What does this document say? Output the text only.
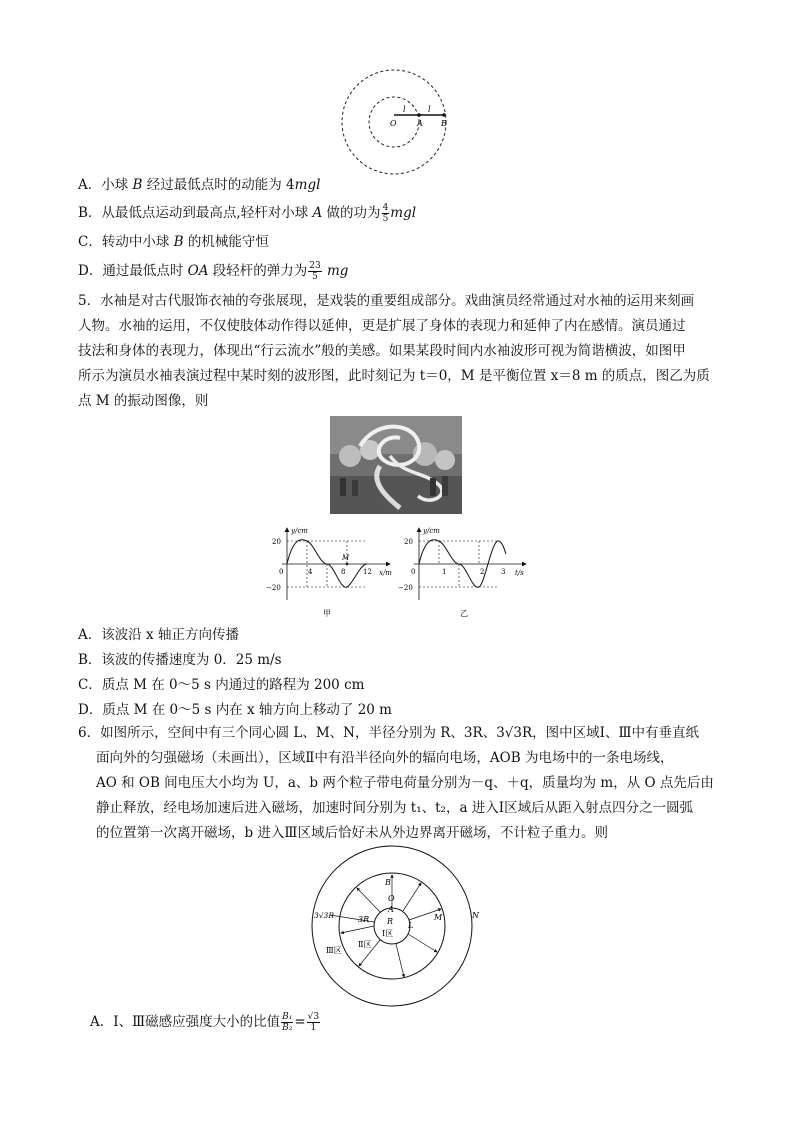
O	A B
l	l
A．小球 B 经过最低点时的动能为 4mgl
B．从最低点运动到最高点,轻杆对小球 A 做的功为 $\frac{4}{5}$ mgl
C．转动中小球 B 的机械能守恒
D．通过最低点时 OA 段轻杆的弹力为 $\frac{23}{5}$ mg
5．水袖是对古代服饰衣袖的夸张展现，是戏装的重要组成部分。戏曲演员经常通过对水袖的运用来刻画
人物。水袖的运用，不仅使肢体动作得以延伸，更是扩展了身体的表现力和延伸了内在感情。演员通过
技法和身体的表现力，体现出“行云流水”般的美感。如果某段时间内水袖波形可视为简谐横波，如图甲
所示为演员水袖表演过程中某时刻的波形图，此时刻记为 t＝0，M 是平衡位置 x＝8 m 的质点，图乙为质
点 M 的振动图像，则
y/cm
x/m
20
−20
0	4	8	12
M
甲
y/cm
t/s
20
−20
0	1	2 3
乙
A．该波沿 x 轴正方向传播
B．该波的传播速度为 0．25 m/s
C．质点 M 在 0～5 s 内通过的路程为 200 cm
D．质点 M 在 0～5 s 内在 x 轴方向上移动了 20 m
6．如图所示，空间中有三个同心圆 L、M、N，半径分别为 R、3R、3√3R，图中区域Ⅰ、Ⅲ中有垂直纸
面向外的匀强磁场（未画出），区域Ⅱ中有沿半径向外的辐向电场，AOB 为电场中的一条电场线，
AO 和 OB 间电压大小均为 U，a、b 两个粒子带电荷量分别为－q、＋q，质量均为 m，从 O 点先后由
静止释放，经电场加速后进入磁场，加速时间分别为 t₁、t₂，a 进入Ⅰ区域后从距入射点四分之一圆弧
的位置第一次离开磁场，b 进入Ⅲ区域后恰好未从外边界离开磁场，不计粒子重力。则
B
O
A
3R R L
M	N
3√3R
Ⅰ区
Ⅱ区
Ⅲ区
A．Ⅰ、Ⅲ磁感应强度大小的比值 $\frac{\text{B₁}}{\text{B₂}} = \frac{√3}{1}$
